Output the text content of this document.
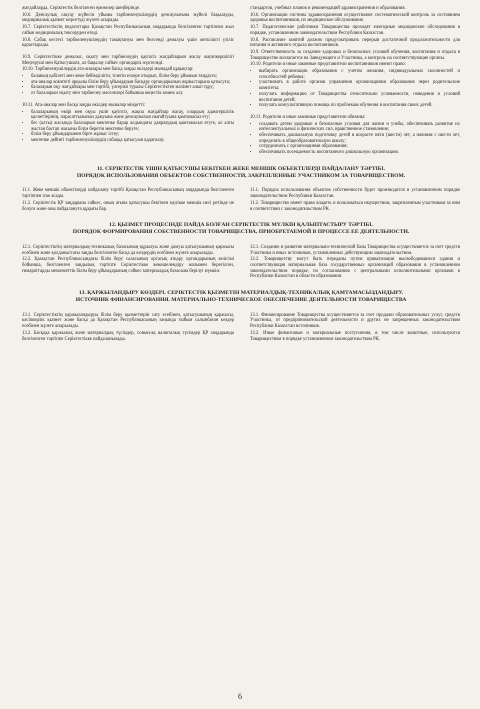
жағдайларда, Серіктестік белгілеген ережелер шеңберінде.

10.6. Денсаулық сақтау жүйесін уйымы тарбиеленушілердің денсаулығына жүйелі бақылауды, медициналық қызмет көрсетуді жүзеге асырады.

10.7. Серіктестіктің педагогтары Қазақстан Республикасының заңдарында белгіленген тәртіппен жыл сайын медициналық тексеруден өтеді.

10.8. Сабақ кестесі тәрбиеленушілердің тамақтануы мен белсенді демалуы үшін жеткілікті үзіліс қарастырады.

10.9. Серіктестікке демалыс, оқыту мен тәрбиелеудің қауіпсіз жағдайларын жасау жауапкершілігі Меңгеруші мен Қатысушыға, ал бақылау сәйкес органдарға жүктеледі.

10.10. Тәрбиеленушілердің ата-аналары мен басқа заңды өкілдері мынадай құқықтар:

• баланың қабілеті мен жеке бейімділігін, тілегін ескере отырып, білім беру ұйымын таңдауға;
• ата-аналар комитеті арқылы білім беру ұйымдарын басқару органдарының жұмыстарына қатысуға;
• балаларын оқу жағдайлары мен тәртібі, үлгерімі туралы Серіктестіктен мәлімет алып тұру;
• от балаларын оқыту мен тәрбиелеу мәселелері бойынша кеңестік көмек алу.

10.11. Ата-аналар мен басқа заңды өкілдер мыналар міндетті:

• балаларының өмірі мен оқуы үшін қауіпсіз, жақсы жағдайлар жасау, олардың адамгершілік қасиеттерінің, парасаттылығын дамуына және денсаулығын нығайтуына қамтамасыз ету;
• бес (алты) жасында балаларын мектепке барар алдындағы даярлаудың қамтамасыз етуге, ал алты жастан бастап жасыны білім беретін мектепке беруге;
• білім беру ұйымдарымен бірге жұмыс істеу;
• мектепке дейінгі тәрбиеленушілердің сабаққа қатысуын қадағалау.

стандартов, учебных планов и рекомендаций здравоохранения и образования.

10.6. Организации системы здравоохранения осуществляют систематический контроль за состоянием здоровья воспитанников, их медицинское обслуживание.

10.7. Педагогические работники Товарищества проходят ежегодные медицинские обследования в порядке, установленном законодательством Республики Казахстан.

10.8. Расписание занятий должно предусматривать перерыв достаточной продолжительности для питания и активного отдыха воспитанников.

10.9. Ответственность за создание здоровых и безопасных условий обучения, воспитания и отдыха в Товариществе возлагается на Заведующего и Участника, а контроль на соответствующие органы.

10.10. Родители и иные законные представители воспитанников имеют право:

• выбирать организации образования с учетом желания, индивидуальных склонностей и способностей ребенка;
• участвовать в работе органов управления организациями образования через родительские комитеты;
• получать информацию от Товарищества относительно успеваемости, поведения и условий воспитания детей;
• получать консультативную помощь по проблемам обучения и воспитания своих детей.

10.11. Родители и иные законные представители обязаны:

• создавать детям здоровые и безопасные условия для жизни и учебы, обеспечивать развитие их интеллектуальных и физических сил, нравственное становление;
• обеспечивать дошкольную подготовку детей в возрасте пяти (шести) лет, а начиная с шести лет, определять в общеобразовательную школу;
• сотрудничать с организациями образования;
• обеспечивать посещаемость воспитанного дошкольную организацию.
11. СЕРІКТЕСТІК ҮШІН ҚАТЫСУШЫ БЕКІТКЕН ЖЕКЕ МЕНШІК ОБЪЕКТІЛЕРДІ ПАЙДАЛАНУ ТӘРТІБІ.
ПОРЯДОК ИСПОЛЬЗОВАНИЯ ОБЪЕКТОВ СОБСТВЕННОСТИ, ЗАКРЕПЛЕННЫЕ УЧАСТНИКОМ ЗА ТОВАРИЩЕСТВОМ.

11.1. Жеке меншік объектілерді пайдалану тәртібі Қазақстан Республикасының заңдарында белгіленген тәртіппен іске асады.

11.2. Серіктестік ҚР заңдарына сәйкес, оның атына қатысушы бекіткен мүлікке меншік иесі ретінде ие болуға және оны пайдалануға құқығы бар.

11.1. Порядок использования объектов собственности будет производится в установленном порядке законодательством Республики Казахстан.

11.2. Товарищество имеет право владеть и пользоваться имуществом, закрепленным участником за ним в соответствии с законодательством РК.

12. ҚЫЗМЕТ ПРОЦЕСІНДЕ ПАЙДА БОЛҒАН СЕРІКТЕСТІК МҮЛКІН ҚАЛЫПТАСТЫРУ ТӘРТІБІ.
ПОРЯДОК ФОРМИРОВАНИЯ СОБСТВЕННОСТИ ТОВАРИЩЕСТВА, ПРИОБРЕТАЕМОЙ В ПРОЦЕССЕ ЕЕ ДЕЯТЕЛЬНОСТИ.

12.1. Серіктестіктің материалдық-техникалық базасының құрылуы және дамуы қатысушының қаржысы есебінен және қолданыстағы заңды белгіленген басқа да көздердің есебінен жүзеге асырылады.

12.2. Қазақстан Республикасындағы білім беру саласының ортасық атқару органдарының келісімі бойынша, белгіленген заңдылық тәртіпте Серіктестікке жекешелендіру жолымен беретілген, ғимараттарды мемлекеттік білім беру ұйымдарының сәйкес материалдық базасына берілуі мүмкін.

12.1. Создание и развитие материально-технической базы Товарищества осуществляется за счет средств Участника и иных источников, установленных действующим законодательством.

12.2. Товариществу могут быть переданы путем приватизации высвободившиеся здания и соответствующая материальная база государственных организаций образования в установленном законодательством порядке, по согласованию с центральными исполнительными органами в Республики Казахстан в области образования.

13. ҚАРЖЫЛАНДЫРУ КӨЗДЕРІ. СЕРІКТЕСТІК ҚЫЗМЕТІН МАТЕРИАЛДЫҚ-ТЕХНИКАЛЫҚ ҚАМТАМАСЫЗДАНДЫРУ.
ИСТОЧНИК ФИНАНСИРОВАНИЯ. МАТЕРИАЛЬНО-ТЕХНИЧЕСКОЕ ОБЕСПЕЧЕНИЕ ДЕЯТЕЛЬНОСТИ ТОВАРИЩЕСТВА

13.1. Серіктестіктің қаржыландыруы білім беру қызметтерін сату есебінен, қатысушының қаржысы, кәсіпкерлік қызмет және басқа да Қазақстан Республикасының заңында тыйым салынбаған көздер есебінен жүзеге асырылады.

13.2. Басқада қаржылық және материалдық түсімдер, соның-ақ валюталық түсімдер ҚР заңдарында белгіленген тәртіппе Серіктестікке пайдаланылады.

13.1. Финансирование Товарищества осуществляется за счет продажи образовательных услуг, средств Участника, от предпринимательской деятельности и других не запрещенных законодательством Республики Казахстан источников.

13.2. Иные финансовые и материальные поступления, в том числе валютные, используются Товариществом в порядке установленном законодательством РК.

6
